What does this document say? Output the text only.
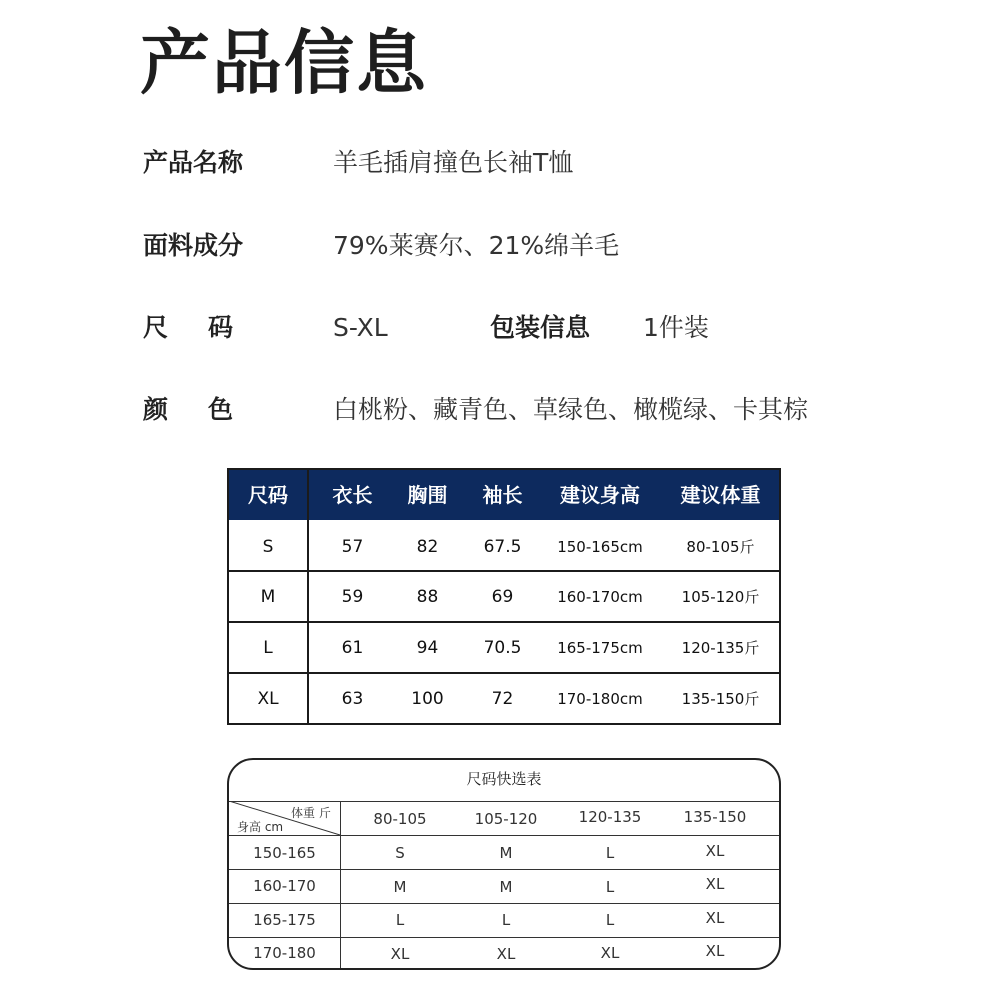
产品信息
产品名称	羊毛插肩撞色长袖T恤
面料成分	79%莱赛尔、21%绵羊毛
尺码 S-XL	包装信息 1件装
颜色 白桃粉、藏青色、草绿色、橄榄绿、卡其棕
尺码	衣长	胸围	袖长	建议身高	建议体重
S	57	82	67.5	150-165cm	80-105斤
M	59	88	69	160-170cm	105-120斤
L	61	94	70.5	165-175cm	120-135斤
XL	63	100	72	170-180cm	135-150斤
尺码快选表
体重 斤
身高 cm	80-105	105-120	120-135	135-150
150-165	S	M	L	XL
160-170	M	M	L	XL
165-175	L	L	L	XL
170-180	XL	XL	XL	XL
